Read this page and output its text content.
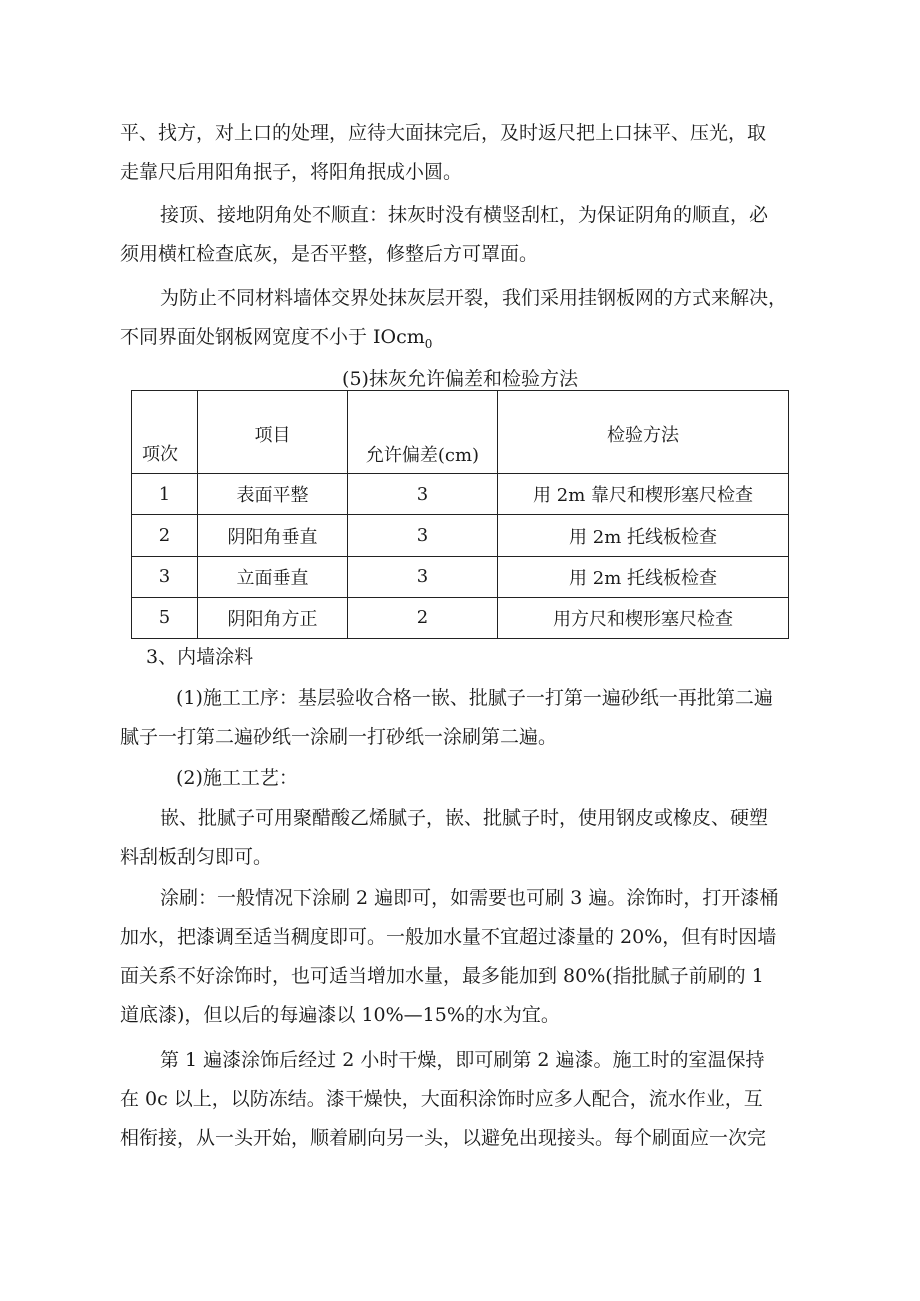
平、找方，对上口的处理，应待大面抹完后，及时返尺把上口抹平、压光，取
走靠尺后用阳角抿子，将阳角抿成小圆。
接顶、接地阴角处不顺直：抹灰时没有横竖刮杠，为保证阴角的顺直，必
须用横杠检查底灰，是否平整，修整后方可罩面。
为防止不同材料墙体交界处抹灰层开裂，我们采用挂钢板网的方式来解决，
不同界面处钢板网宽度不小于 IOcm$_0$
(5)抹灰允许偏差和检验方法
项次	项目	允许偏差(cm)	检验方法
1	表面平整	3	用 2m 靠尺和楔形塞尺检查
2	阴阳角垂直	3	用 2m 托线板检查
3	立面垂直	3	用 2m 托线板检查
5	阴阳角方正	2	用方尺和楔形塞尺检查
3、内墙涂料
(1)施工工序：基层验收合格一嵌、批腻子一打第一遍砂纸一再批第二遍
腻子一打第二遍砂纸一涂刷一打砂纸一涂刷第二遍。
(2)施工工艺：
嵌、批腻子可用聚醋酸乙烯腻子，嵌、批腻子时，使用钢皮或橡皮、硬塑
料刮板刮匀即可。
涂刷：一般情况下涂刷 2 遍即可，如需要也可刷 3 遍。涂饰时，打开漆桶
加水，把漆调至适当稠度即可。一般加水量不宜超过漆量的 20%，但有时因墙
面关系不好涂饰时，也可适当增加水量，最多能加到 80%(指批腻子前刷的 1
道底漆)，但以后的每遍漆以 10%—15%的水为宜。
第 1 遍漆涂饰后经过 2 小时干燥，即可刷第 2 遍漆。施工时的室温保持
在 0c 以上，以防冻结。漆干燥快，大面积涂饰时应多人配合，流水作业，互
相衔接，从一头开始，顺着刷向另一头，以避免出现接头。每个刷面应一次完
